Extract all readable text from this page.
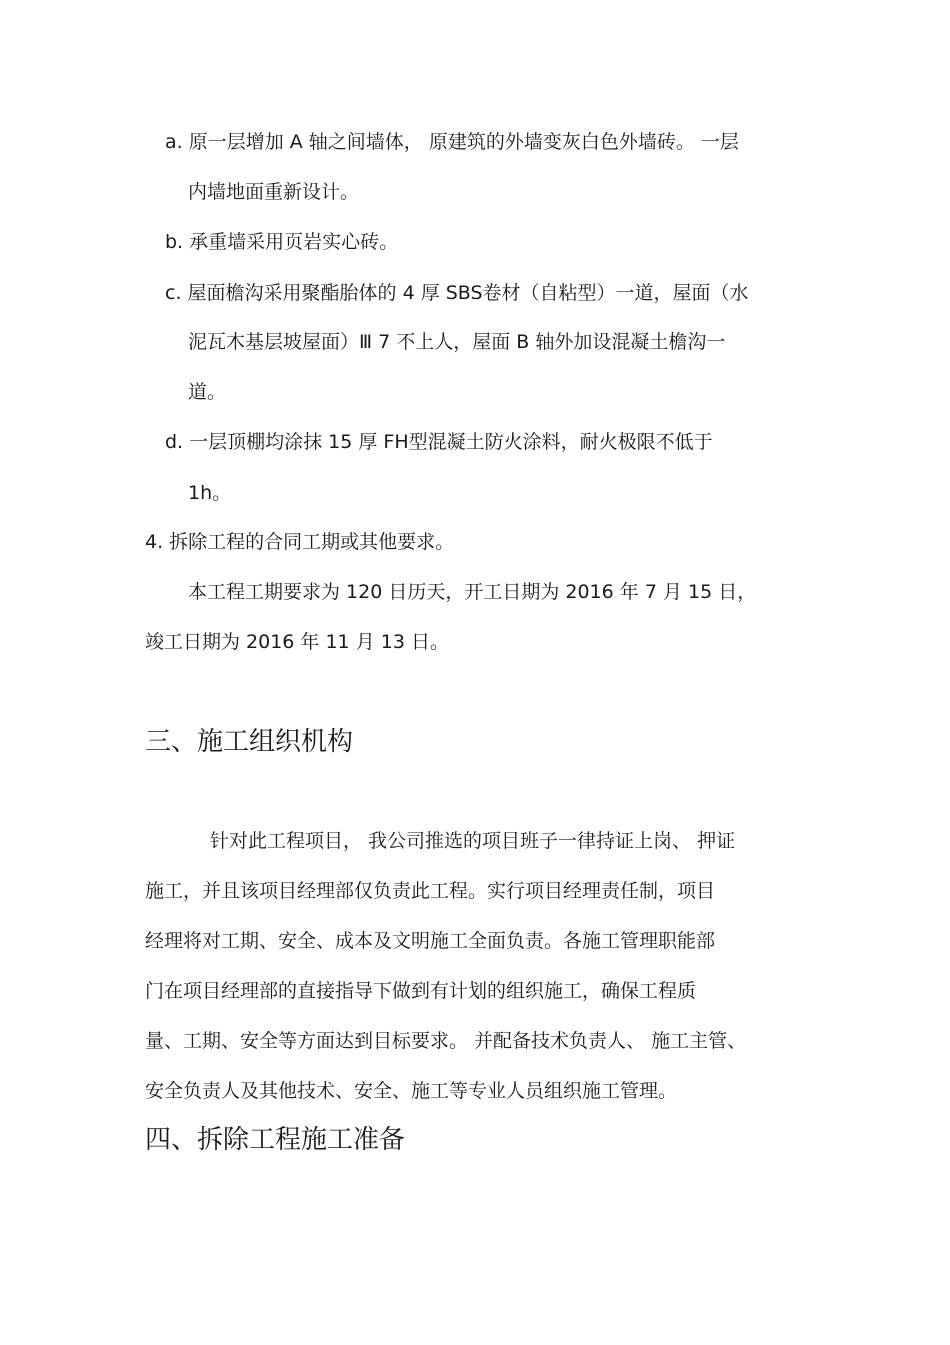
a. 原一层增加 A 轴之间墙体， 原建筑的外墙变灰白色外墙砖。 一层
内墙地面重新设计。
b. 承重墙采用页岩实心砖。
c. 屋面檐沟采用聚酯胎体的 4 厚 SBS卷材（自粘型）一道，屋面（水
泥瓦木基层坡屋面）Ⅲ 7 不上人，屋面 B 轴外加设混凝土檐沟一
道。
d. 一层顶棚均涂抹 15 厚 FH型混凝土防火涂料，耐火极限不低于
1h。
4. 拆除工程的合同工期或其他要求。
本工程工期要求为 120 日历天，开工日期为 2016 年 7 月 15 日，
竣工日期为 2016 年 11 月 13 日。
三、施工组织机构
针对此工程项目， 我公司推选的项目班子一律持证上岗、 押证
施工，并且该项目经理部仅负责此工程。实行项目经理责任制，项目
经理将对工期、安全、成本及文明施工全面负责。各施工管理职能部
门在项目经理部的直接指导下做到有计划的组织施工，确保工程质
量、工期、安全等方面达到目标要求。 并配备技术负责人、 施工主管、
安全负责人及其他技术、安全、施工等专业人员组织施工管理。
四、拆除工程施工准备
